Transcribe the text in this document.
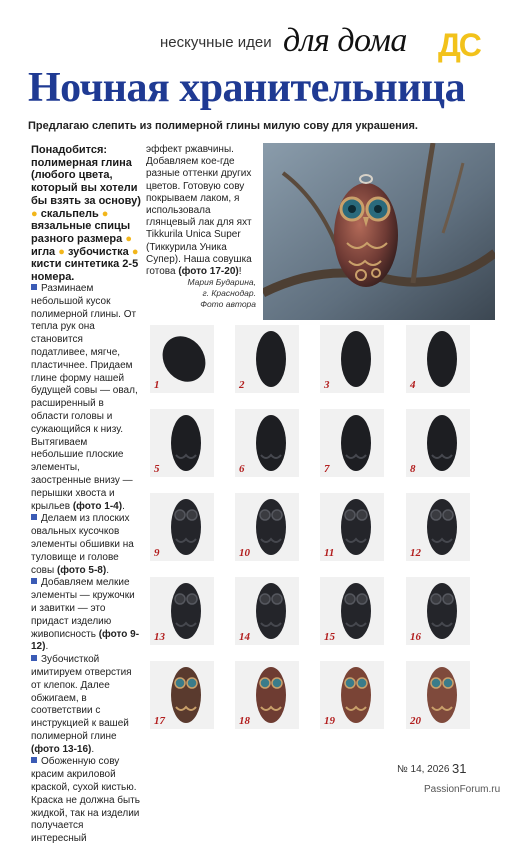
нескучные идеи для дома ДС
Ночная хранительница
Предлагаю слепить из полимерной глины милую сову для украшения.
Понадобится: полимерная глина (любого цвета, который вы хотели бы взять за основу) ● скальпель ● вязальные спицы разного размера ● игла ● зубочистка ● кисти синтетика 2-5 номера.
Разминаем небольшой кусок полимерной глины. От тепла рук она становится податливее, мягче, пластичнее. Придаем глине форму нашей будущей совы — овал, расширенный в области головы и сужающийся к низу. Вытягиваем небольшие плоские элементы, заостренные внизу — перышки хвоста и крыльев (фото 1-4).
Делаем из плоских овальных кусочков элементы обшивки на туловище и голове совы (фото 5-8).
Добавляем мелкие элементы — кружочки и завитки — это придаст изделию живописность (фото 9-12).
Зубочисткой имитируем отверстия от клепок. Далее обжигаем, в соответствии с инструкцией к вашей полимерной глине (фото 13-16).
Обоженную сову красим акриловой краской, сухой кистью. Краска не должна быть жидкой, так на изделии получается интересный
эффект ржавчины. Добавляем кое-где разные оттенки других цветов. Готовую сову покрываем лаком, я использовала глянцевый лак для яхт Tikkurila Unica Super (Тиккурила Уника Супер). Наша совушка готова (фото 17-20)!
Мария Бударина,
г. Краснодар.
Фото автора
1	2	3	4
5	6	7	8
9	10	11	12
13	14	15	16
17	18	19	20
№ 14, 2026 31
PassionForum.ru
